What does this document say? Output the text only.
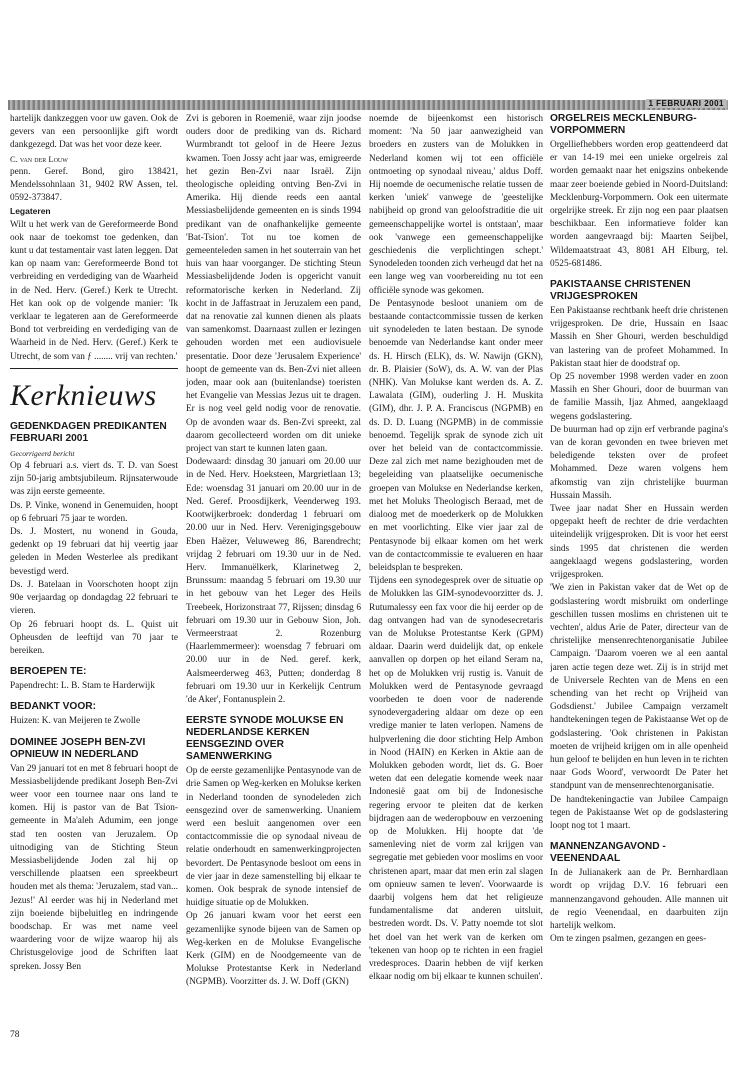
1 FEBRUARI 2001

hartelijk dankzeggen voor uw gaven. Ook de gevers van een persoonlijke gift wordt dankgezegd. Dat was het voor deze keer.

C. van der Louw

penn. Geref. Bond, giro 138421, Mendelssohnlaan 31, 9402 RW Assen, tel. 0592-373847.

Legateren

Wilt u het werk van de Gereformeerde Bond ook naar de toekomst toe gedenken, dan kunt u dat testamentair vast laten leggen. Dat kan op naam van: Gereformeerde Bond tot verbreiding en verdediging van de Waarheid in de Ned. Herv. (Geref.) Kerk te Utrecht. Het kan ook op de volgende manier: 'Ik verklaar te legateren aan de Gereformeerde Bond tot verbreiding en verdediging van de Waarheid in de Ned. Herv. (Geref.) Kerk te Utrecht, de som van ƒ ........ vrij van rechten.'

Kerknieuws
GEDENKDAGEN PREDIKANTEN FEBRUARI 2001

Gecorrigeerd bericht

Op 4 februari a.s. viert ds. T. D. van Soest zijn 50-jarig ambtsjubileum. Rijnsaterwoude was zijn eerste gemeente.

Ds. P. Vinke, wonend in Genemuiden, hoopt op 6 februari 75 jaar te worden.

Ds. J. Mostert, nu wonend in Gouda, gedenkt op 19 februari dat hij veertig jaar geleden in Meden Westerlee als predikant bevestigd werd.

Ds. J. Batelaan in Voorschoten hoopt zijn 90e verjaardag op dondagdag 22 februari te vieren.

Op 26 februari hoopt ds. L. Quist uit Opheusden de leeftijd van 70 jaar te bereiken.

BEROEPEN TE:

Papendrecht: L. B. Stam te Harderwijk

BEDANKT VOOR:

Huizen: K. van Meijeren te Zwolle

DOMINEE JOSEPH BEN-ZVI OPNIEUW IN NEDERLAND

Van 29 januari tot en met 8 februari hoopt de Messiasbelijdende predikant Joseph Ben-Zvi weer voor een tournee naar ons land te komen. Hij is pastor van de Bat Tsion-gemeente in Ma'aleh Adumim, een jonge stad ten oosten van Jeruzalem. Op uitnodiging van de Stichting Steun Messiasbelijdende Joden zal hij op verschillende plaatsen een spreekbeurt houden met als thema: 'Jeruzalem, stad van... Jezus!' Al eerder was hij in Nederland met zijn boeiende bijbeluitleg en indringende boodschap. Er was met name veel waardering voor de wijze waarop hij als Christusgelovige jood de Schriften laat spreken. Jossy Ben

Zvi is geboren in Roemenië, waar zijn joodse ouders door de prediking van ds. Richard Wurmbrandt tot geloof in de Heere Jezus kwamen. Toen Jossy acht jaar was, emigreerde het gezin Ben-Zvi naar Israël. Zijn theologische opleiding ontving Ben-Zvi in Amerika. Hij diende reeds een aantal Messiasbelijdende gemeenten en is sinds 1994 predikant van de onafhankelijke gemeente 'Bat-Tsion'. Tot nu toe komen de gemeenteleden samen in het souterrain van het huis van haar voorganger. De stichting Steun Messiasbelijdende Joden is opgericht vanuit reformatorische kerken in Nederland. Zij kocht in de Jaffastraat in Jeruzalem een pand, dat na renovatie zal kunnen dienen als plaats van samenkomst. Daarnaast zullen er lezingen gehouden worden met een audiovisuele presentatie. Door deze 'Jerusalem Experience' hoopt de gemeente van ds. Ben-Zvi niet alleen joden, maar ook aan (buitenlandse) toeristen het Evangelie van Messias Jezus uit te dragen. Er is nog veel geld nodig voor de renovatie. Op de avonden waar ds. Ben-Zvi spreekt, zal daarom gecollecteerd worden om dit unieke project van start te kunnen laten gaan.

Dodewaard: dinsdag 30 januari om 20.00 uur in de Ned. Herv. Hoeksteen, Margrietlaan 13; Ede: woensdag 31 januari om 20.00 uur in de Ned. Geref. Proosdijkerk, Veenderweg 193. Kootwijkerbroek: donderdag 1 februari om 20.00 uur in Ned. Herv. Verenigingsgebouw Eben Haëzer, Veluweweg 86, Barendrecht; vrijdag 2 februari om 19.30 uur in de Ned. Herv. Immanuëlkerk, Klarinetweg 2, Brunssum: maandag 5 februari om 19.30 uur in het gebouw van het Leger des Heils Treebeek, Horizonstraat 77, Rijssen; dinsdag 6 februari om 19.30 uur in Gebouw Sion, Joh. Vermeerstraat 2. Rozenburg (Haarlemmermeer): woensdag 7 februari om 20.00 uur in de Ned. geref. kerk, Aalsmeerderweg 463, Putten; donderdag 8 februari om 19.30 uur in Kerkelijk Centrum 'de Aker', Fontanusplein 2.

EERSTE SYNODE MOLUKSE EN NEDERLANDSE KERKEN EENSGEZIND OVER SAMENWERKING

Op de eerste gezamenlijke Pentasynode van de drie Samen op Weg-kerken en Molukse kerken in Nederland toonden de synodeleden zich eensgezind over de samenwerking. Unaniem werd een besluit aangenomen over een contactcommissie die op synodaal niveau de relatie onderhoudt en samenwerkingprojecten bevordert. De Pentasynode besloot om eens in de vier jaar in deze samenstelling bij elkaar te komen. Ook besprak de synode intensief de huidige situatie op de Molukken.

Op 26 januari kwam voor het eerst een gezamenlijke synode bijeen van de Samen op Weg-kerken en de Molukse Evangelische Kerk (GIM) en de Noodgemeente van de Molukse Protestantse Kerk in Nederland (NGPMB). Voorzitter ds. J. W. Doff (GKN)

noemde de bijeenkomst een historisch moment: 'Na 50 jaar aanwezigheid van broeders en zusters van de Molukken in Nederland komen wij tot een officiële ontmoeting op synodaal niveau,' aldus Doff. Hij noemde de oecumenische relatie tussen de kerken 'uniek' vanwege de 'geestelijke nabijheid op grond van geloofstraditie die uit gemeenschappelijke wortel is ontstaan', maar ook 'vanwege een gemeenschappelijke geschiedenis die verplichtingen schept.' Synodeleden toonden zich verheugd dat het na een lange weg van voorbereiding nu tot een officiële synode was gekomen.

De Pentasynode besloot unaniem om de bestaande contactcommissie tussen de kerken uit synodeleden te laten bestaan. De synode benoemde van Nederlandse kant onder meer ds. H. Hirsch (ELK), ds. W. Nawijn (GKN), dr. B. Plaisier (SoW), ds. A. W. van der Plas (NHK). Van Molukse kant werden ds. A. Z. Lawalata (GIM), ouderling J. H. Muskita (GIM), dhr. J. P. A. Franciscus (NGPMB) en ds. D. D. Luang (NGPMB) in de commissie benoemd. Tegelijk sprak de synode zich uit over het beleid van de contactcommissie. Deze zal zich met name bezighouden met de begeleiding van plaatselijke oecumenische groepen van Molukse en Nederlandse kerken, met het Moluks Theologisch Beraad, met de dialoog met de moederkerk op de Molukken en met voorlichting. Elke vier jaar zal de Pentasynode bij elkaar komen om het werk van de contactcommissie te evalueren en haar beleidsplan te bespreken.

Tijdens een synodegesprek over de situatie op de Molukken las GIM-synodevoorzitter ds. J. Rutumalessy een fax voor die hij eerder op de dag ontvangen had van de synodesecretaris van de Molukse Protestantse Kerk (GPM) aldaar. Daarin werd duidelijk dat, op enkele aanvallen op dorpen op het eiland Seram na, het op de Molukken vrij rustig is. Vanuit de Molukken werd de Pentasynode gevraagd voorbeden te doen voor de naderende synodevergadering aldaar om deze op een vredige manier te laten verlopen. Namens de hulpverlening die door stichting Help Ambon in Nood (HAIN) en Kerken in Aktie aan de Molukken geboden wordt, liet ds. G. Boer weten dat een delegatie komende week naar Indonesië gaat om bij de Indonesische regering ervoor te pleiten dat de kerken bijdragen aan de wederopbouw en verzoening op de Molukken. Hij hoopte dat 'de samenleving niet de vorm zal krijgen van segregatie met gebieden voor moslims en voor christenen apart, maar dat men erin zal slagen om opnieuw samen te leven'. Voorwaarde is daarbij volgens hem dat het religieuze fundamentalisme dat anderen uitsluit, bestreden wordt. Ds. V. Patty noemde tot slot het doel van het werk van de kerken om 'tekenen van hoop op te richten in een fragiel vredesproces. Daarin hebben de vijf kerken elkaar nodig om bij elkaar te kunnen schuilen'.

ORGELREIS MECKLENBURG-VORPOMMERN

Orgelliefhebbers worden erop geattendeerd dat er van 14-19 mei een unieke orgelreis zal worden gemaakt naar het enigszins onbekende maar zeer boeiende gebied in Noord-Duitsland: Mecklenburg-Vorpommern. Ook een uitermate orgelrijke streek. Er zijn nog een paar plaatsen beschikbaar. Een informatieve folder kan worden aangevraagd bij: Maarten Seijbel, Wildemaatstraat 43, 8081 AH Elburg, tel. 0525-681486.

PAKISTAANSE CHRISTENEN VRIJGESPROKEN

Een Pakistaanse rechtbank heeft drie christenen vrijgesproken. De drie, Hussain en Isaac Massih en Sher Ghouri, werden beschuldigd van lastering van de profeet Mohammed. In Pakistan staat hier de doodstraf op.

Op 25 november 1998 werden vader en zoon Massih en Sher Ghouri, door de buurman van de familie Massih, Ijaz Ahmed, aangeklaagd wegens godslastering.

De buurman had op zijn erf verbrande pagina's van de koran gevonden en twee brieven met beledigende teksten over de profeet Mohammed. Deze waren volgens hem afkomstig van zijn christelijke buurman Hussain Massih.

Twee jaar nadat Sher en Hussain werden opgepakt heeft de rechter de drie verdachten uiteindelijk vrijgesproken. Dit is voor het eerst sinds 1995 dat christenen die werden aangeklaagd wegens godslastering, worden vrijgesproken.

'We zien in Pakistan vaker dat de Wet op de godslastering wordt misbruikt om onderlinge geschillen tussen moslims en christenen uit te vechten', aldus Arie de Pater, directeur van de christelijke mensenrechtenorganisatie Jubilee Campaign. 'Daarom voeren we al een aantal jaren actie tegen deze wet. Zij is in strijd met de Universele Rechten van de Mens en een schending van het recht op Vrijheid van Godsdienst.' Jubilee Campaign verzamelt handtekeningen tegen de Pakistaanse Wet op de godslastering. 'Ook christenen in Pakistan moeten de vrijheid krijgen om in alle openheid hun geloof te belijden en hun leven in te richten naar Gods Woord', verwoordt De Pater het standpunt van de mensenrechtenorganisatie.

De handtekeningactie van Jubilee Campaign tegen de Pakistaanse Wet op de godslastering loopt nog tot 1 maart.

MANNENZANGAVOND - VEENENDAAL

In de Julianakerk aan de Pr. Bernhardlaan wordt op vrijdag D.V. 16 februari een mannenzangavond gehouden. Alle mannen uit de regio Veenendaal, en daarbuiten zijn hartelijk welkom.
Om te zingen psalmen, gezangen en gees-

78
